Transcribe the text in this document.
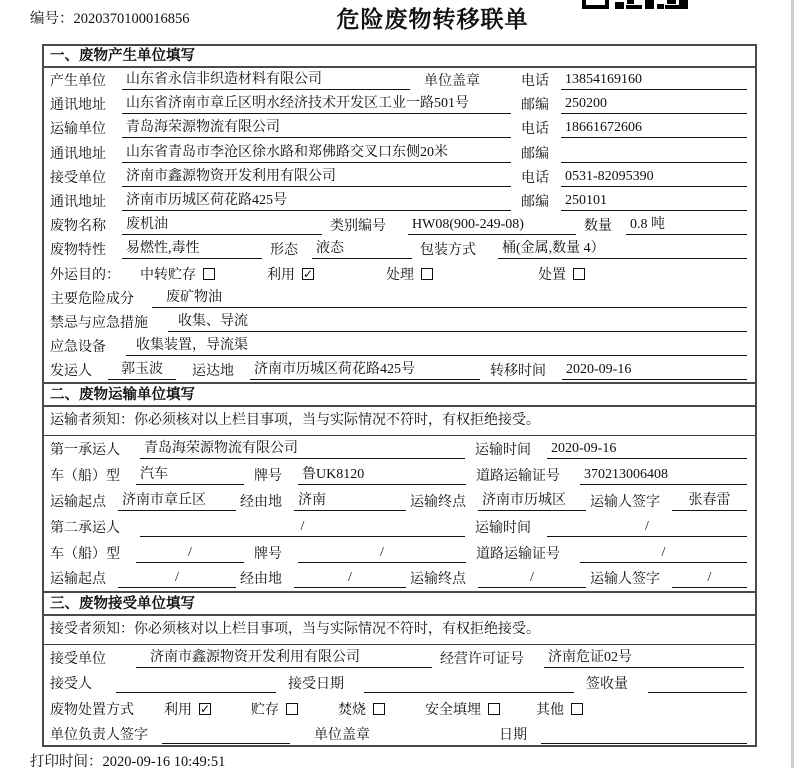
编号：2020370100016856	危险废物转移联单
一、废物产生单位填写
产生单位	山东省永信非织造材料有限公司	单位盖章	电话	13854169160
通讯地址	山东省济南市章丘区明水经济技术开发区工业一路501号	邮编	250200
运输单位	青岛海荣源物流有限公司	电话	18661672606
通讯地址	山东省青岛市李沧区徐水路和郑佛路交叉口东侧20米	邮编
接受单位	济南市鑫源物资开发利用有限公司	电话	0531-82095390
通讯地址	济南市历城区荷花路425号	邮编	250101
废物名称	废机油	类别编号	HW08(900-249-08)	数量	0.8 吨
废物特性	易燃性,毒性	形态	液态	包装方式	桶(金属,数量 4）
外运目的：	中转贮存	利用 ✓	处理	处置
主要危险成分	废矿物油
禁忌与应急措施	收集、导流
应急设备	收集装置，导流渠
发运人	郭玉波	运达地	济南市历城区荷花路425号	转移时间	2020-09-16
二、废物运输单位填写
运输者须知：你必须核对以上栏目事项，当与实际情况不符时，有权拒绝接受。
第一承运人	青岛海荣源物流有限公司	运输时间	2020-09-16
车（船）型	汽车	牌号	鲁UK8120	道路运输证号	370213006408
运输起点	济南市章丘区	经由地	济南	运输终点	济南市历城区	运输人签字	张春雷
第二承运人	/	运输时间	/
车（船）型	/	牌号	/	道路运输证号	/
运输起点	/	经由地	/	运输终点	/	运输人签字	/
三、废物接受单位填写
接受者须知：你必须核对以上栏目事项，当与实际情况不符时，有权拒绝接受。
接受单位	济南市鑫源物资开发利用有限公司	经营许可证号	济南危证02号
接受人	接受日期	签收量
废物处置方式	利用 ✓	贮存	焚烧	安全填埋	其他
单位负责人签字	单位盖章	日期
打印时间：2020-09-16 10:49:51
